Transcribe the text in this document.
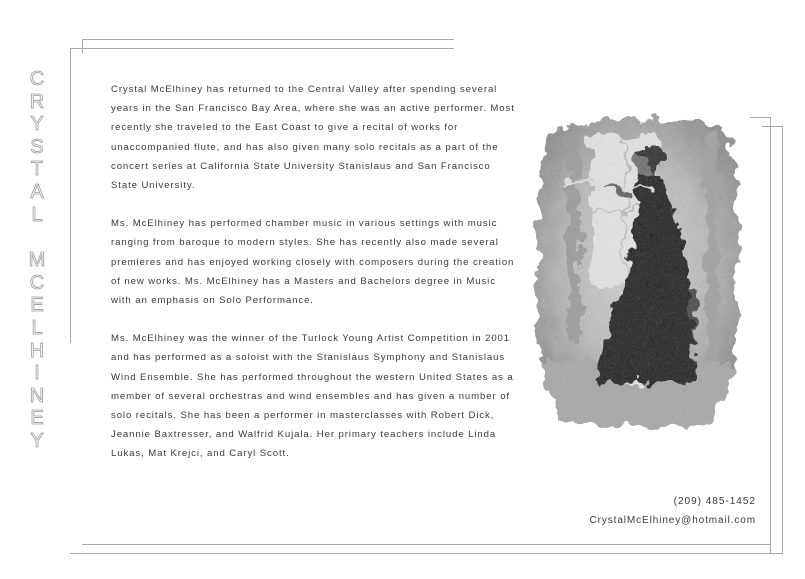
C
R
Y
S
T
A
L
M
C
E
L
H
I
N
E
Y

Crystal McElhiney has returned to the Central Valley after spending several years in the San Francisco Bay Area, where she was an active performer. Most recently she traveled to the East Coast to give a recital of works for unaccompanied flute, and has also given many solo recitals as a part of the concert series at California State University Stanislaus and San Francisco State University.

Ms. McElhiney has performed chamber music in various settings with music ranging from baroque to modern styles. She has recently also made several premieres and has enjoyed working closely with composers during the creation of new works. Ms. McElhiney has a Masters and Bachelors degree in Music with an emphasis on Solo Performance.

Ms. McElhiney was the winner of the Turlock Young Artist Competition in 2001 and has performed as a soloist with the Stanislaus Symphony and Stanislaus Wind Ensemble. She has performed throughout the western United States as a member of several orchestras and wind ensembles and has given a number of solo recitals. She has been a performer in masterclasses with Robert Dick, Jeannie Baxtresser, and Walfrid Kujala. Her primary teachers include Linda Lukas, Mat Krejci, and Caryl Scott.

(209) 485-1452
CrystalMcElhiney@hotmail.com
